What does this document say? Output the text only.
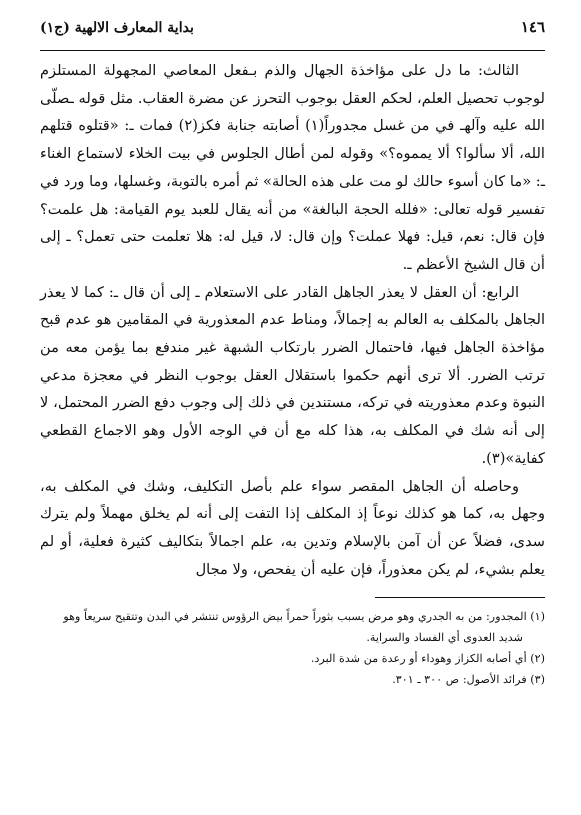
١٤٦
بداية المعارف الالهية (ج١)

الثالث: ما دل على مؤاخذة الجهال والذم بـفعل المعاصي المجهولة المستلزم لوجوب تحصيل العلم، لحكم العقل بوجوب التحرز عن مضرة العقاب. مثل قوله ـصلّى الله عليه وآلهـ في من غسل مجدوراً(١) أصابته جنابة فكز(٢) فمات ـ: «قتلوه قتلهم الله، ألا سألوا؟ ألا يمموه؟» وقوله لمن أطال الجلوس في بيت الخلاء لاستماع الغناء ـ: «ما كان أسوء حالك لو مت على هذه الحالة» ثم أمره بالتوبة، وغسلها، وما ورد في تفسير قوله تعالى: «فلله الحجة البالغة» من أنه يقال للعبد يوم القيامة: هل علمت؟ فإن قال: نعم، قيل: فهلا عملت؟ وإن قال: لا، قيل له: هلا تعلمت حتى تعمل؟ ـ إلى أن قال الشيخ الأعظم ـ.

الرابع: أن العقل لا يعذر الجاهل القادر على الاستعلام ـ إلى أن قال ـ: كما لا يعذر الجاهل بالمكلف به العالم به إجمالاً، ومناط عدم المعذورية في المقامين هو عدم قبح مؤاخذة الجاهل فيها، فاحتمال الضرر بارتكاب الشبهة غير مندفع بما يؤمن معه من ترتب الضرر. ألا ترى أنهم حكموا باستقلال العقل بوجوب النظر في معجزة مدعي النبوة وعدم معذوريته في تركه، مستندين في ذلك إلى وجوب دفع الضرر المحتمل، لا إلى أنه شك في المكلف به، هذا كله مع أن في الوجه الأول وهو الاجماع القطعي كفاية»(٣).

وحاصله أن الجاهل المقصر سواء علم بأصل التكليف، وشك في المكلف به، وجهل به، كما هو كذلك نوعاً إذ المكلف إذا التفت إلى أنه لم يخلق مهملاً ولم يترك سدى، فضلاً عن أن آمن بالإسلام وتدين به، علم اجمالاً بتكاليف كثيرة فعلية، أو لم يعلم بشيء، لم يكن معذوراً، فإن عليه أن يفحص، ولا مجال

(١) المجدور: من به الجدري وهو مرض يسبب بثوراً حمراً بيض الرؤوس تنتشر في البدن وتتقيح سريعاً وهو

شديد العدوى أي الفساد والسراية.

(٢) أي أصابه الكزاز وهوداء أو رعدة من شدة البرد.

(٣) فرائد الأصول: ص ٣٠٠ ـ ٣٠١.
